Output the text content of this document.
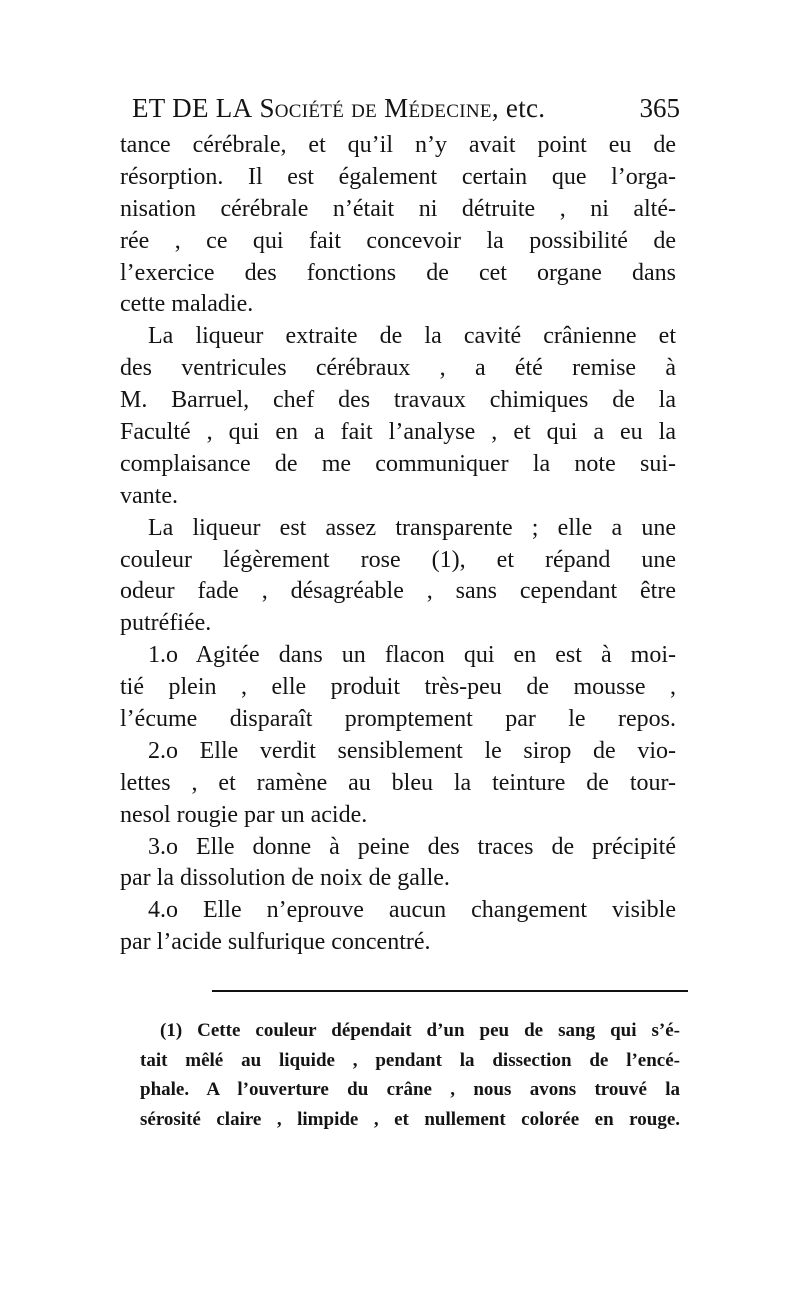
ET DE LA Société de Médecine, etc.	365
tance cérébrale, et qu’il n’y avait point eu de
résorption. Il est également certain que l’orga-
nisation cérébrale n’était ni détruite , ni alté-
rée , ce qui fait concevoir la possibilité de
l’exercice des fonctions de cet organe dans
cette maladie.
La liqueur extraite de la cavité crânienne et
des ventricules cérébraux , a été remise à
M. Barruel, chef des travaux chimiques de la
Faculté , qui en a fait l’analyse , et qui a eu la
complaisance de me communiquer la note sui-
vante.
La liqueur est assez transparente ; elle a une
couleur légèrement rose (1), et répand une
odeur fade , désagréable , sans cependant être
putréfiée.
1.o Agitée dans un flacon qui en est à moi-
tié plein , elle produit très-peu de mousse ,
l’écume disparaît promptement par le repos.
2.o Elle verdit sensiblement le sirop de vio-
lettes , et ramène au bleu la teinture de tour-
nesol rougie par un acide.
3.o Elle donne à peine des traces de précipité
par la dissolution de noix de galle.
4.o Elle n’eprouve aucun changement visible
par l’acide sulfurique concentré.
(1) Cette couleur dépendait d’un peu de sang qui s’é-
tait mêlé au liquide , pendant la dissection de l’encé-
phale. A l’ouverture du crâne , nous avons trouvé la
sérosité claire , limpide , et nullement colorée en rouge.
